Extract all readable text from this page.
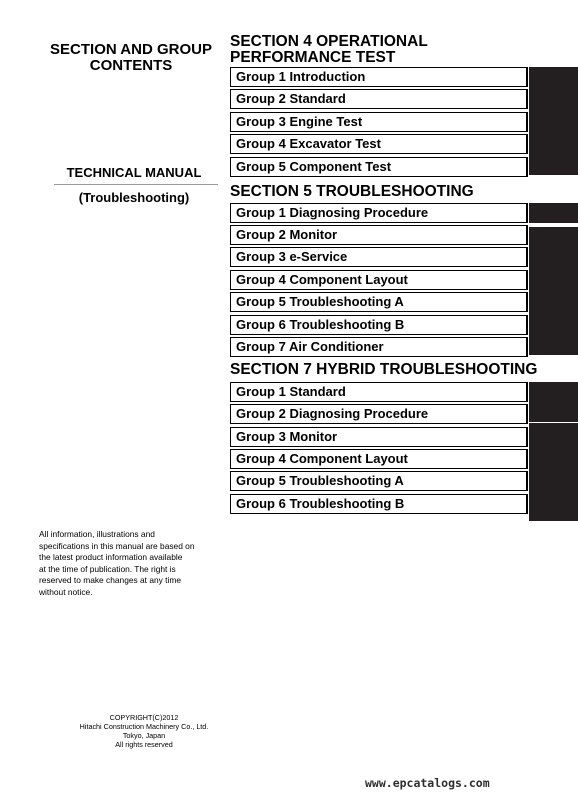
SECTION AND GROUP
CONTENTS
TECHNICAL MANUAL
(Troubleshooting)
SECTION 4 OPERATIONAL
PERFORMANCE TEST
Group 1 Introduction
Group 2 Standard
Group 3 Engine Test
Group 4 Excavator Test
Group 5 Component Test
SECTION 5 TROUBLESHOOTING
Group 1 Diagnosing Procedure
Group 2 Monitor
Group 3 e-Service
Group 4 Component Layout
Group 5 Troubleshooting A
Group 6 Troubleshooting B
Group 7 Air Conditioner
SECTION 7 HYBRID TROUBLESHOOTING
Group 1 Standard
Group 2 Diagnosing Procedure
Group 3 Monitor
Group 4 Component Layout
Group 5 Troubleshooting A
Group 6 Troubleshooting B
All information, illustrations and
specifications in this manual are based on
the latest product information available
at the time of publication. The right is
reserved to make changes at any time
without notice.
COPYRIGHT(C)2012
Hitachi Construction Machinery Co., Ltd.
Tokyo, Japan
All rights reserved
www.epcatalogs.com
